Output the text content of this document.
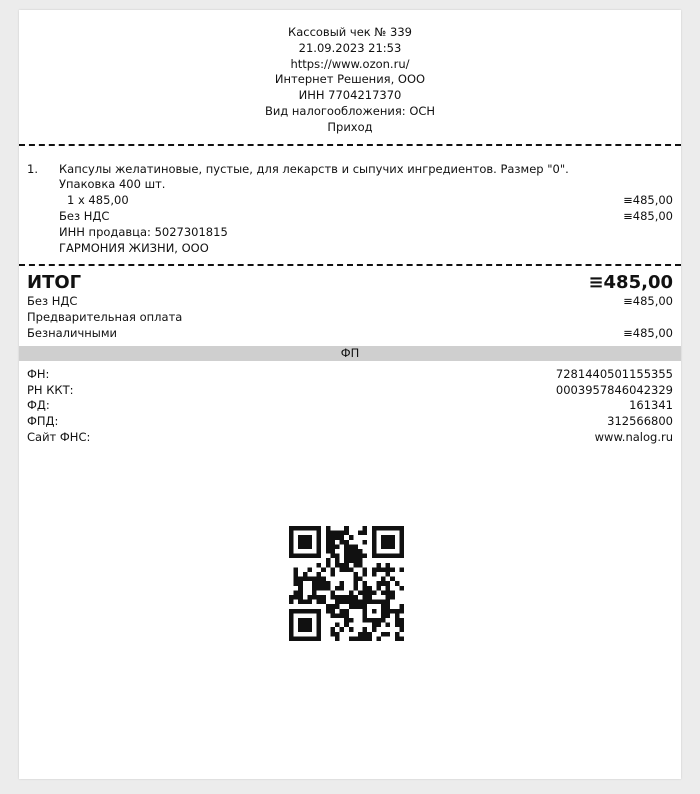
Кассовый чек № 339
21.09.2023 21:53
https://www.ozon.ru/
Интернет Решения, ООО
ИНН 7704217370
Вид налогообложения: ОСН
Приход
1. Капсулы желатиновые, пустые, для лекарств и сыпучих ингредиентов. Размер "0".
Упаковка 400 шт.
1 x 485,00	≡485,00
Без НДС	≡485,00
ИНН продавца: 5027301815
ГАРМОНИЯ ЖИЗНИ, ООО
ИТОГ	≡485,00
Без НДС	≡485,00
Предварительная оплата
Безналичными	≡485,00
ФП
ФН:	7281440501155355
РН ККТ:	0003957846042329
ФД:	161341
ФПД:	312566800
Сайт ФНС:	www.nalog.ru
